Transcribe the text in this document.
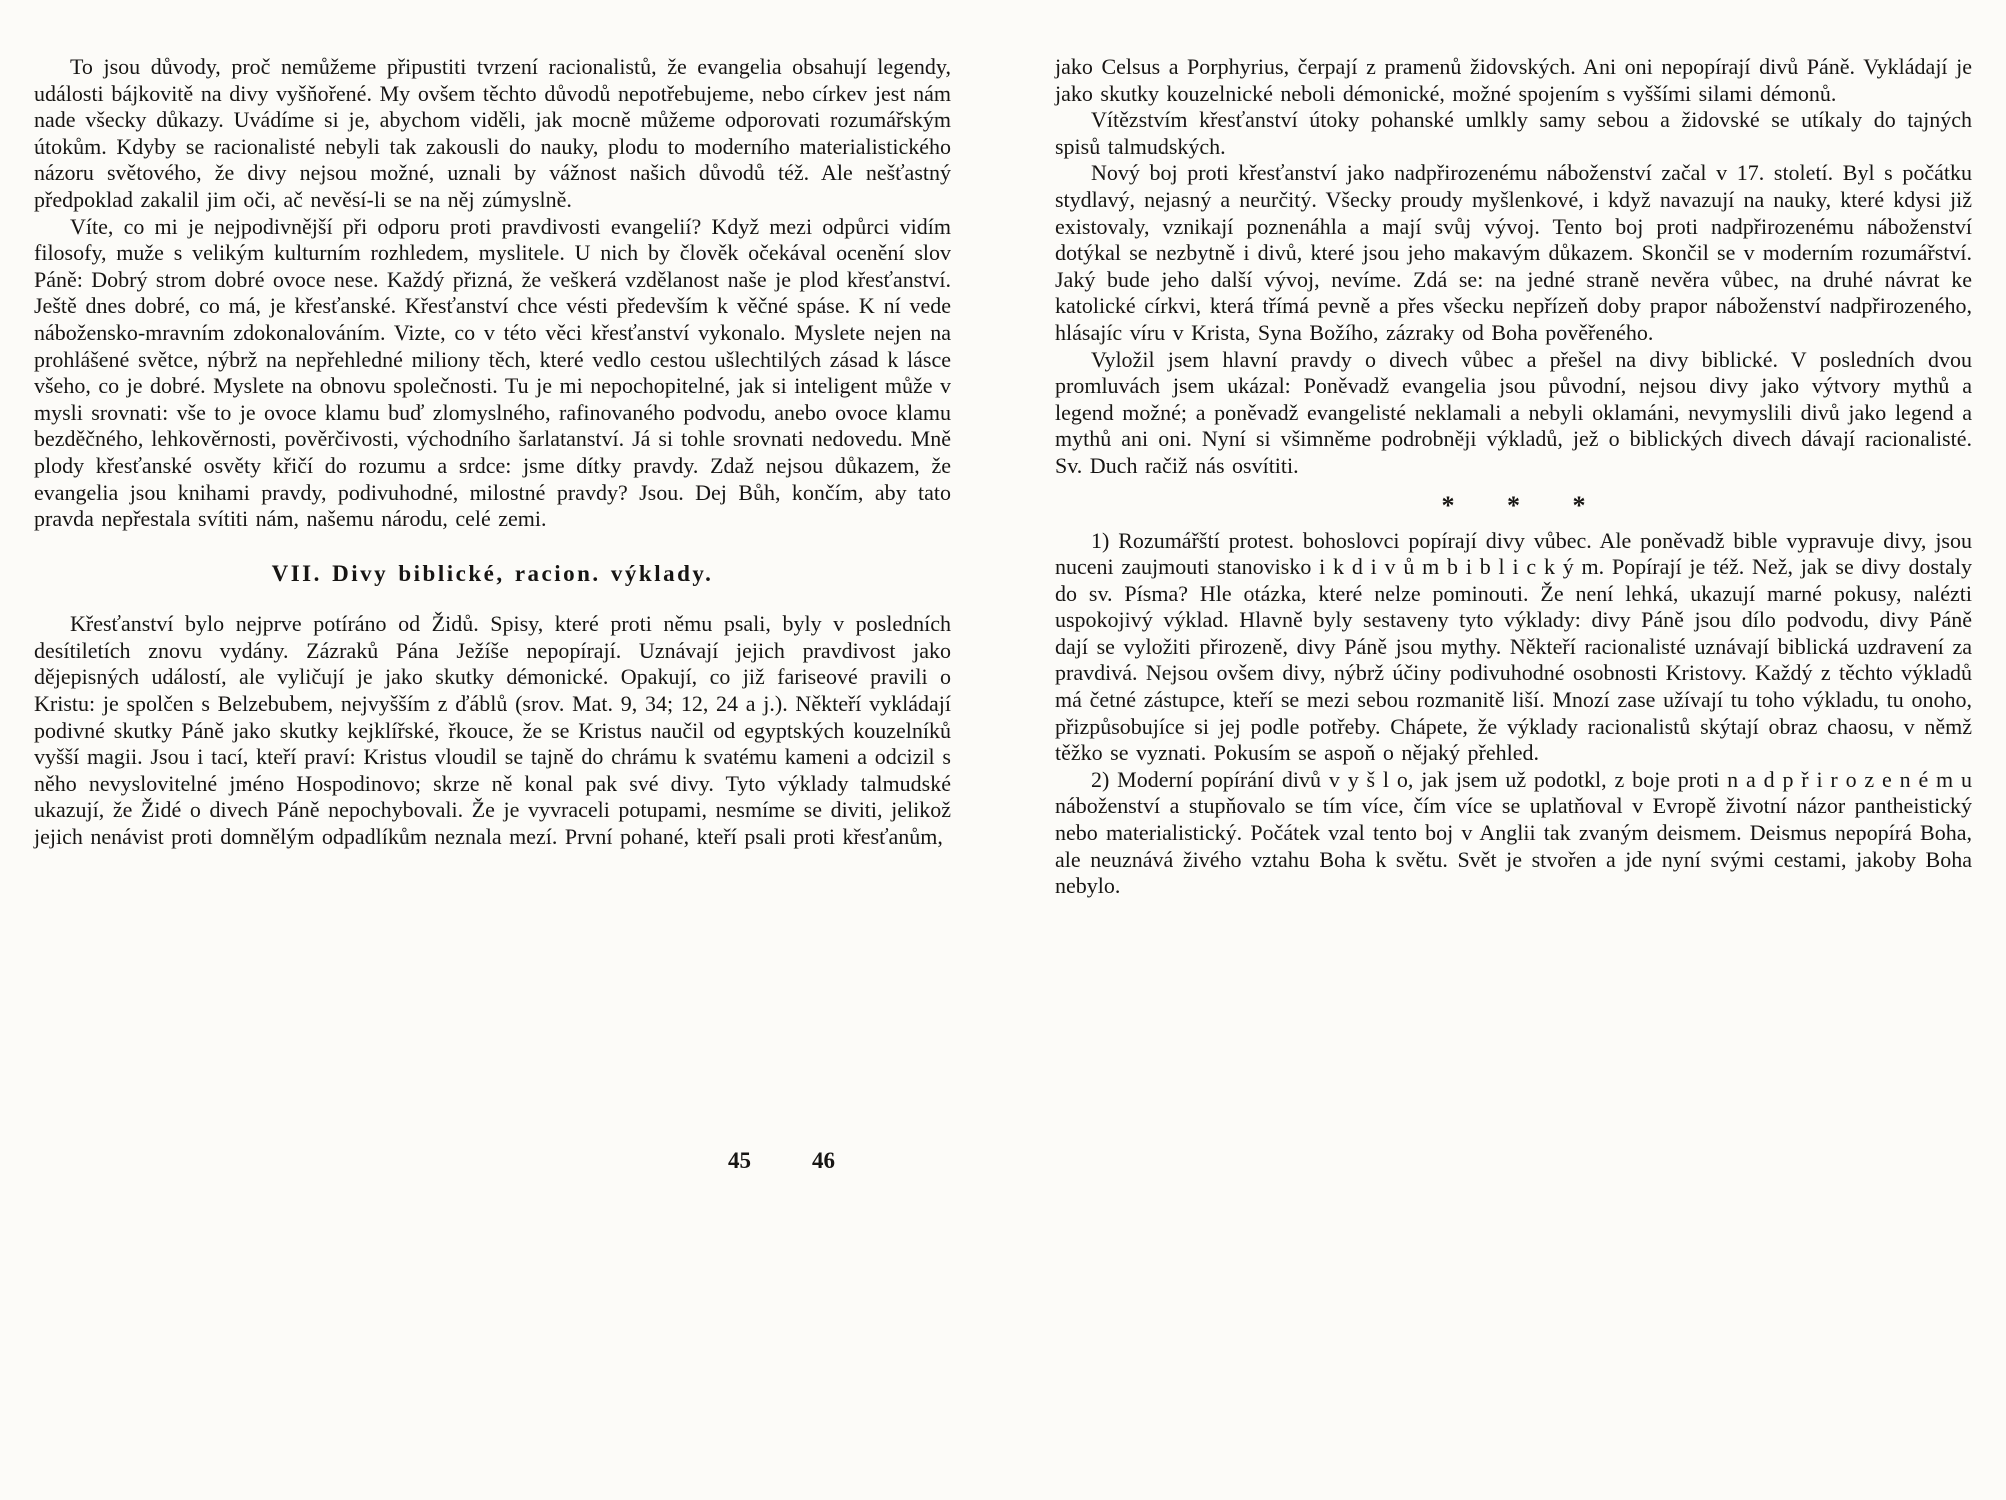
To jsou důvody, proč nemůžeme připustiti tvrzení racionalistů, že evangelia obsahují legendy, události bájkovitě na divy vyšňořené. My ovšem těchto důvodů nepotřebujeme, nebo církev jest nám nade všecky důkazy. Uvádíme si je, abychom viděli, jak mocně můžeme odporovati rozumářským útokům. Kdyby se racionalisté nebyli tak zakousli do nauky, plodu to moderního materialistického názoru světového, že divy nejsou možné, uznali by vážnost našich důvodů též. Ale nešťastný předpoklad zakalil jim oči, ač nevěsí-li se na něj zúmyslně.

Víte, co mi je nejpodivnější při odporu proti pravdivosti evangelií? Když mezi odpůrci vidím filosofy, muže s velikým kulturním rozhledem, myslitele. U nich by člověk očekával ocenění slov Páně: Dobrý strom dobré ovoce nese. Každý přizná, že veškerá vzdělanost naše je plod křesťanství. Ještě dnes dobré, co má, je křesťanské. Křesťanství chce vésti především k věčné spáse. K ní vede nábožensko-mravním zdokonalováním. Vizte, co v této věci křesťanství vykonalo. Myslete nejen na prohlášené světce, nýbrž na nepřehledné miliony těch, které vedlo cestou ušlechtilých zásad k lásce všeho, co je dobré. Myslete na obnovu společnosti. Tu je mi nepochopitelné, jak si inteligent může v mysli srovnati: vše to je ovoce klamu buď zlomyslného, rafinovaného podvodu, anebo ovoce klamu bezděčného, lehkověrnosti, pověrčivosti, východního šarlatanství. Já si tohle srovnati nedovedu. Mně plody křesťanské osvěty křičí do rozumu a srdce: jsme dítky pravdy. Zdaž nejsou důkazem, že evangelia jsou knihami pravdy, podivuhodné, milostné pravdy? Jsou. Dej Bůh, končím, aby tato pravda nepřestala svítiti nám, našemu národu, celé zemi.

VII. Divy biblické, racion. výklady.

Křesťanství bylo nejprve potíráno od Židů. Spisy, které proti němu psali, byly v posledních desítiletích znovu vydány. Zázraků Pána Ježíše nepopírají. Uznávají jejich pravdivost jako dějepisných událostí, ale vyličují je jako skutky démonické. Opakují, co již fariseové pravili o Kristu: je spolčen s Belzebubem, nejvyšším z ďáblů (srov. Mat. 9, 34; 12, 24 a j.). Někteří vykládají podivné skutky Páně jako skutky kejklířské, řkouce, že se Kristus naučil od egyptských kouzelníků vyšší magii. Jsou i tací, kteří praví: Kristus vloudil se tajně do chrámu k svatému kameni a odcizil s něho nevyslovitelné jméno Hospodinovo; skrze ně konal pak své divy. Tyto výklady talmudské ukazují, že Židé o divech Páně nepochybovali. Že je vyvraceli potupami, nesmíme se diviti, jelikož jejich nenávist proti domnělým odpadlíkům neznala mezí. První pohané, kteří psali proti křesťanům,

jako Celsus a Porphyrius, čerpají z pramenů židovských. Ani oni nepopírají divů Páně. Vykládají je jako skutky kouzelnické neboli démonické, možné spojením s vyššími silami démonů.

Vítězstvím křesťanství útoky pohanské umlkly samy sebou a židovské se utíkaly do tajných spisů talmudských.

Nový boj proti křesťanství jako nadpřirozenému náboženství začal v 17. století. Byl s počátku stydlavý, nejasný a neurčitý. Všecky proudy myšlenkové, i když navazují na nauky, které kdysi již existovaly, vznikají poznenáhla a mají svůj vývoj. Tento boj proti nadpřirozenému náboženství dotýkal se nezbytně i divů, které jsou jeho makavým důkazem. Skončil se v moderním rozumářství. Jaký bude jeho další vývoj, nevíme. Zdá se: na jedné straně nevěra vůbec, na druhé návrat ke katolické církvi, která třímá pevně a přes všecku nepřízeň doby prapor náboženství nadpřirozeného, hlásajíc víru v Krista, Syna Božího, zázraky od Boha pověřeného.

Vyložil jsem hlavní pravdy o divech vůbec a přešel na divy biblické. V posledních dvou promluvách jsem ukázal: Poněvadž evangelia jsou původní, nejsou divy jako výtvory mythů a legend možné; a poněvadž evangelisté neklamali a nebyli oklamáni, nevymyslili divů jako legend a mythů ani oni. Nyní si všimněme podrobněji výkladů, jež o biblických divech dávají racionalisté. Sv. Duch račiž nás osvítiti.

* * *

1) Rozumářští protest. bohoslovci popírají divy vůbec. Ale poněvadž bible vypravuje divy, jsou nuceni zaujmouti stanovisko i k d i v ů m b i b l i c k ý m. Popírají je též. Než, jak se divy dostaly do sv. Písma? Hle otázka, které nelze pominouti. Že není lehká, ukazují marné pokusy, nalézti uspokojivý výklad. Hlavně byly sestaveny tyto výklady: divy Páně jsou dílo podvodu, divy Páně dají se vyložiti přirozeně, divy Páně jsou mythy. Někteří racionalisté uznávají biblická uzdravení za pravdivá. Nejsou ovšem divy, nýbrž účiny podivuhodné osobnosti Kristovy. Každý z těchto výkladů má četné zástupce, kteří se mezi sebou rozmanitě liší. Mnozí zase užívají tu toho výkladu, tu onoho, přizpůsobujíce si jej podle potřeby. Chápete, že výklady racionalistů skýtají obraz chaosu, v němž těžko se vyznati. Pokusím se aspoň o nějaký přehled.

2) Moderní popírání divů v y š l o, jak jsem už podotkl, z boje proti n a d p ř i r o z e n é m u náboženství a stupňovalo se tím více, čím více se uplatňoval v Evropě životní názor pantheistický nebo materialistický. Počátek vzal tento boj v Anglii tak zvaným deismem. Deismus nepopírá Boha, ale neuznává živého vztahu Boha k světu. Svět je stvořen a jde nyní svými cestami, jakoby Boha nebylo.

45	46
